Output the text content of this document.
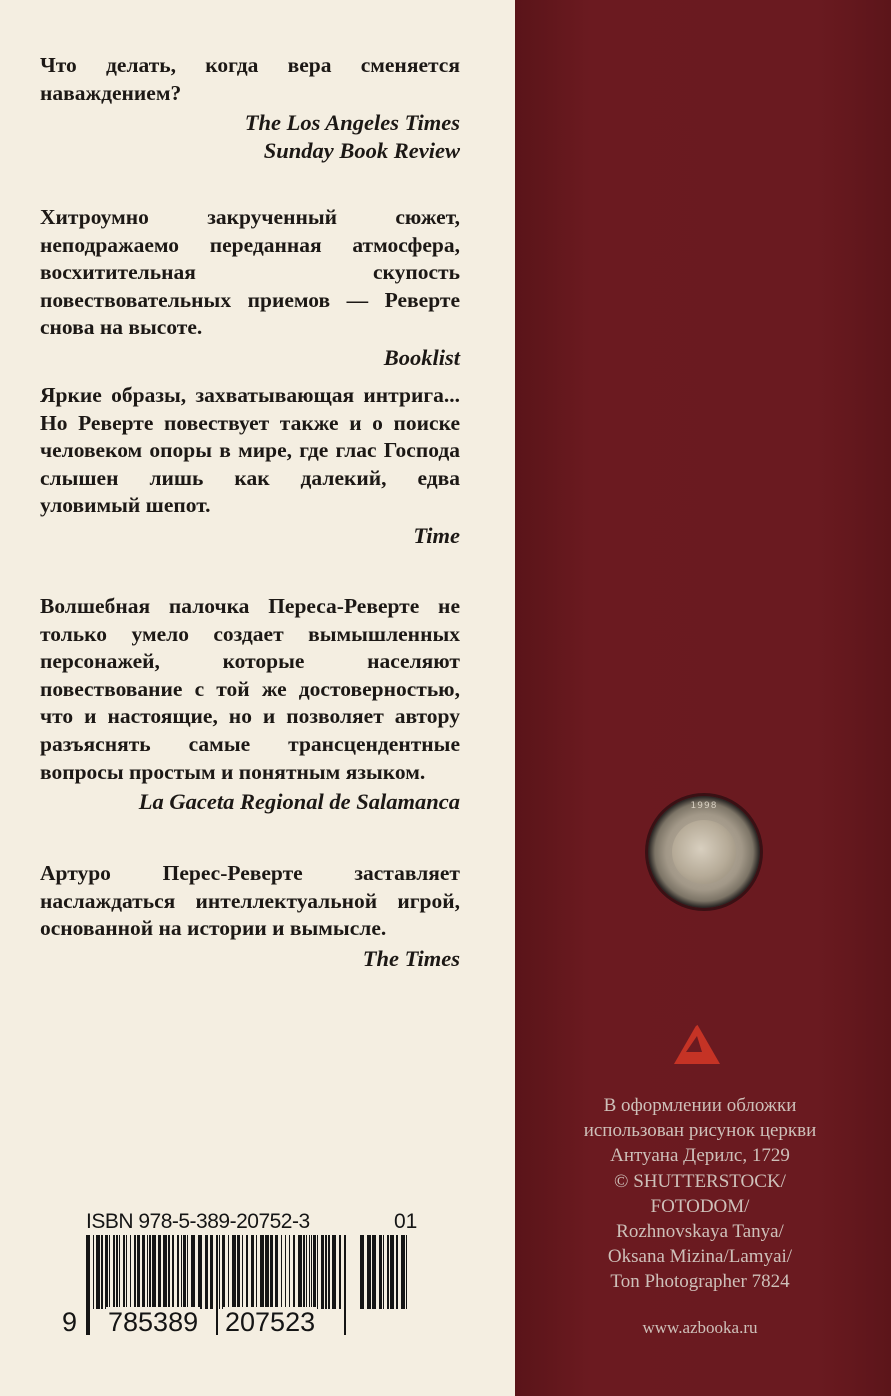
Что делать, когда вера сменяется наваждением?

The Los Angeles Times
Sunday Book Review

Хитроумно закрученный сюжет, неподражаемо переданная атмосфера, восхитительная скупость повествовательных приемов — Реверте снова на высоте.

Booklist

Яркие образы, захватывающая интрига... Но Реверте повествует также и о поиске человеком опоры в мире, где глас Господа слышен лишь как далекий, едва уловимый шепот.

Time

Волшебная палочка Переса-Реверте не только умело создает вымышленных персонажей, которые населяют повествование с той же достоверностью, что и настоящие, но и позволяет автору разъяснять самые трансцендентные вопросы простым и понятным языком.

La Gaceta Regional de Salamanca

Артуро Перес-Реверте заставляет наслаждаться интеллектуальной игрой, основанной на истории и вымысле.

The Times
ISBN 978-5-389-20752-3	01
9 785389 207523
1998
В оформлении обложки
использован рисунок церкви
Антуана Дерилс, 1729
© SHUTTERSTOCK/
FOTODOM/
Rozhnovskaya Tanya/
Oksana Mizina/Lamyai/
Ton Photographer 7824
www.azbooka.ru
